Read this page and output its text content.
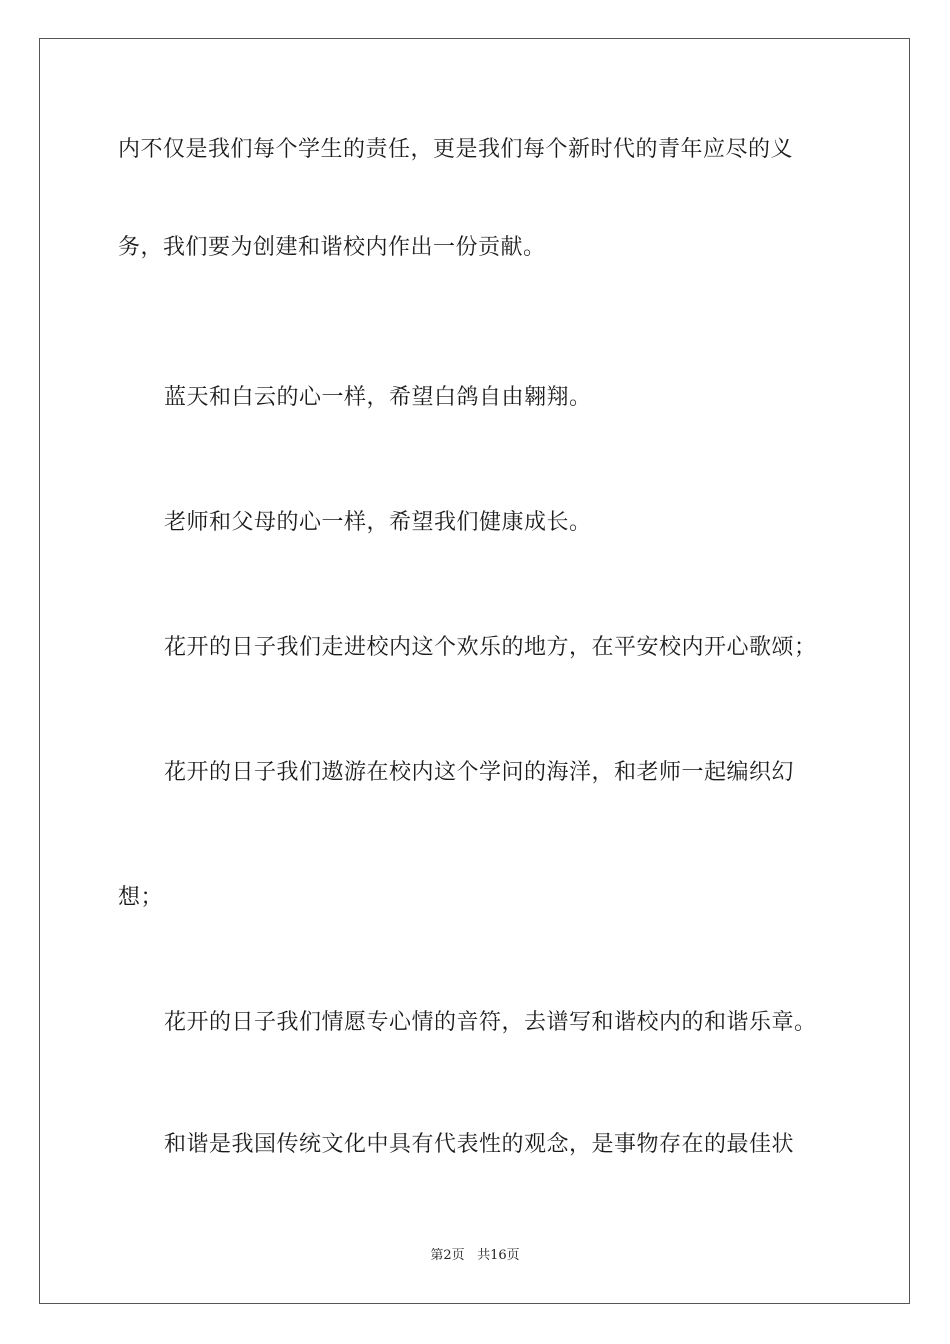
内不仅是我们每个学生的责任，更是我们每个新时代的青年应尽的义
务，我们要为创建和谐校内作出一份贡献。
蓝天和白云的心一样，希望白鸽自由翱翔。
老师和父母的心一样，希望我们健康成长。
花开的日子我们走进校内这个欢乐的地方，在平安校内开心歌颂；
花开的日子我们遨游在校内这个学问的海洋，和老师一起编织幻
想；
花开的日子我们情愿专心情的音符，去谱写和谐校内的和谐乐章。
和谐是我国传统文化中具有代表性的观念，是事物存在的最佳状
第2页 共16页
